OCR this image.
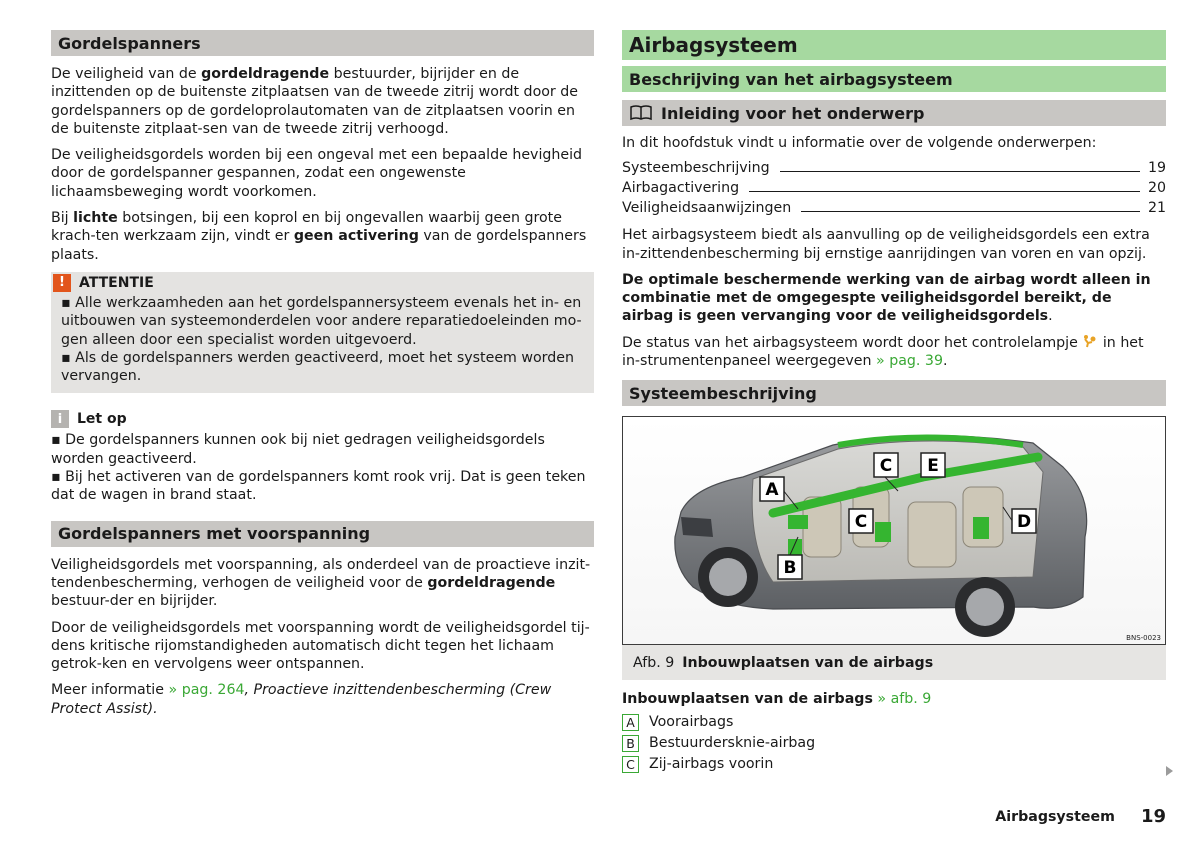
Gordelspanners

De veiligheid van de gordeldragende bestuurder, bijrijder en de inzittenden op de buitenste zitplaatsen van de tweede zitrij wordt door de gordelspanners op de gordeloprolautomaten van de zitplaatsen voorin en de buitenste zitplaat-sen van de tweede zitrij verhoogd.

De veiligheidsgordels worden bij een ongeval met een bepaalde hevigheid door de gordelspanner gespannen, zodat een ongewenste lichaamsbeweging wordt voorkomen.

Bij lichte botsingen, bij een koprol en bij ongevallen waarbij geen grote krach-ten werkzaam zijn, vindt er geen activering van de gordelspanners plaats.

!	ATTENTIE

▪ Alle werkzaamheden aan het gordelspannersysteem evenals het in- en uitbouwen van systeemonderdelen voor andere reparatiedoeleinden mo-gen alleen door een specialist worden uitgevoerd.

▪ Als de gordelspanners werden geactiveerd, moet het systeem worden vervangen.

i	Let op

▪ De gordelspanners kunnen ook bij niet gedragen veiligheidsgordels worden geactiveerd.

▪ Bij het activeren van de gordelspanners komt rook vrij. Dat is geen teken dat de wagen in brand staat.

Gordelspanners met voorspanning

Veiligheidsgordels met voorspanning, als onderdeel van de proactieve inzit-tendenbescherming, verhogen de veiligheid voor de gordeldragende bestuur-der en bijrijder.

Door de veiligheidsgordels met voorspanning wordt de veiligheidsgordel tij-dens kritische rijomstandigheden automatisch dicht tegen het lichaam getrok-ken en vervolgens weer ontspannen.

Meer informatie » pag. 264, Proactieve inzittendenbescherming (Crew Protect Assist).

Airbagsysteem
Beschrijving van het airbagsysteem
Inleiding voor het onderwerp

In dit hoofdstuk vindt u informatie over de volgende onderwerpen:

Systeembeschrijving	19
Airbagactivering	20
Veiligheidsaanwijzingen	21

Het airbagsysteem biedt als aanvulling op de veiligheidsgordels een extra in-zittendenbescherming bij ernstige aanrijdingen van voren en van opzij.

De optimale beschermende werking van de airbag wordt alleen in combinatie met de omgegespte veiligheidsgordel bereikt, de airbag is geen vervanging voor de veiligheidsgordels.

De status van het airbagsysteem wordt door het controlelampje  in het in-strumentenpaneel weergegeven » pag. 39.

Systeembeschrijving
A
B
C
C
E
D
BNS-0023
Afb. 9 Inbouwplaatsen van de airbags

Inbouwplaatsen van de airbags » afb. 9

A Voorairbags
B Bestuurdersknie-airbag
C Zij-airbags voorin
Airbagsysteem 19
